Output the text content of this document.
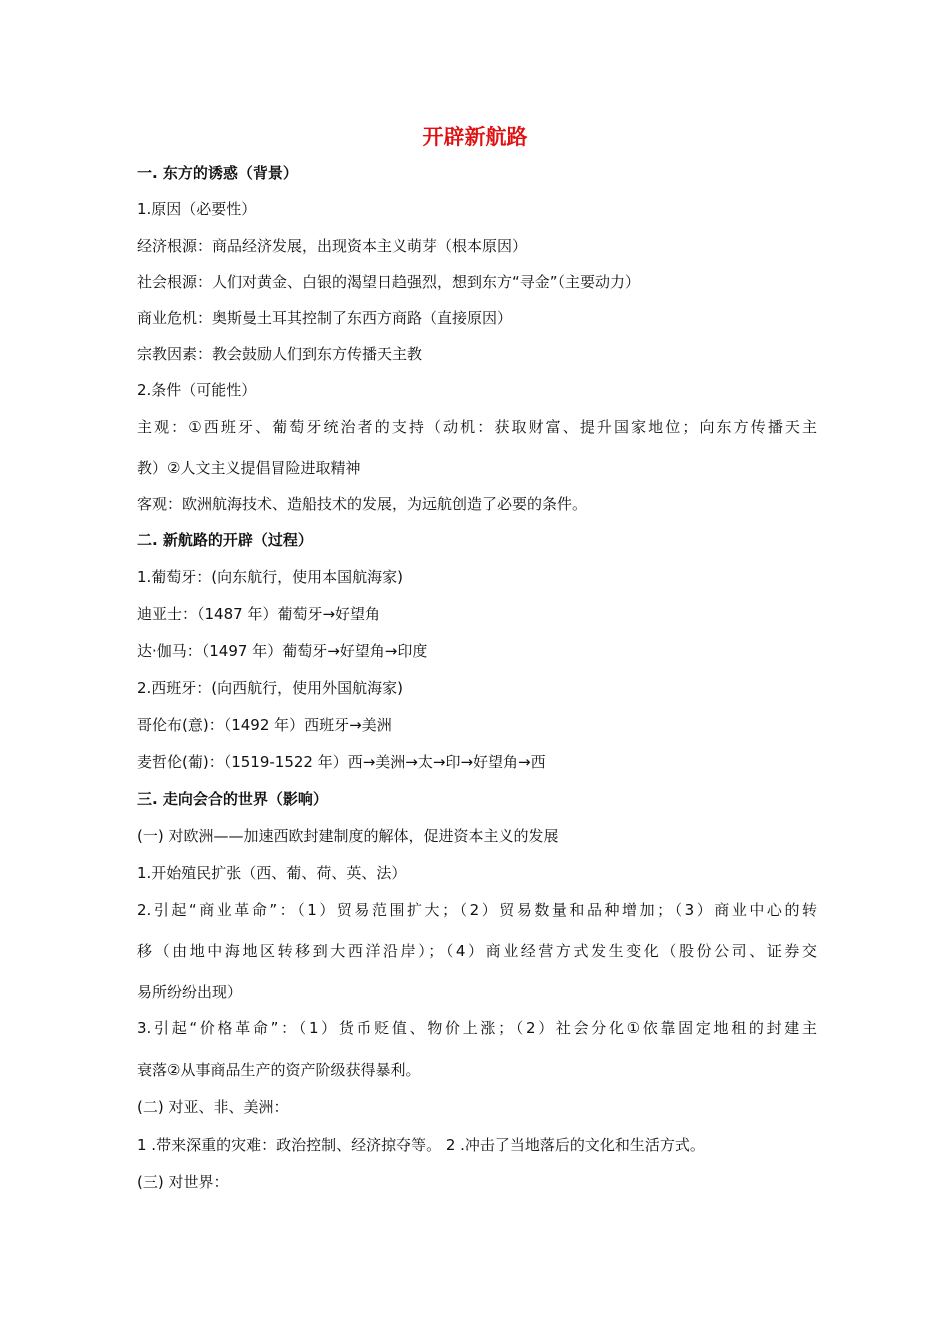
开辟新航路
一. 东方的诱惑（背景）
1.原因（必要性）
经济根源：商品经济发展，出现资本主义萌芽（根本原因）
社会根源：人们对黄金、白银的渴望日趋强烈，想到东方“寻金”（主要动力）
商业危机：奥斯曼土耳其控制了东西方商路（直接原因）
宗教因素：教会鼓励人们到东方传播天主教
2.条件（可能性）
主观：①西班牙、葡萄牙统治者的支持（动机：获取财富、提升国家地位；向东方传播天主
教）②人文主义提倡冒险进取精神
客观：欧洲航海技术、造船技术的发展，为远航创造了必要的条件。
二. 新航路的开辟（过程）
1.葡萄牙：(向东航行，使用本国航海家)
迪亚士：（1487 年）葡萄牙→好望角
达·伽马：（1497 年）葡萄牙→好望角→印度
2.西班牙：(向西航行，使用外国航海家)
哥伦布(意)：（1492 年）西班牙→美洲
麦哲伦(葡)：（1519-1522 年）西→美洲→太→印→好望角→西
三. 走向会合的世界（影响）
(一) 对欧洲——加速西欧封建制度的解体，促进资本主义的发展
1.开始殖民扩张（西、葡、荷、英、法）
2.引起“商业革命”：（1）贸易范围扩大；（2）贸易数量和品种增加；（3）商业中心的转
移（由地中海地区转移到大西洋沿岸）；（4）商业经营方式发生变化（股份公司、证券交
易所纷纷出现）
3.引起“价格革命”：（1）货币贬值、物价上涨；（2）社会分化①依靠固定地租的封建主
衰落②从事商品生产的资产阶级获得暴利。
(二) 对亚、非、美洲：
1 .带来深重的灾难：政治控制、经济掠夺等。 2 .冲击了当地落后的文化和生活方式。
(三) 对世界：
